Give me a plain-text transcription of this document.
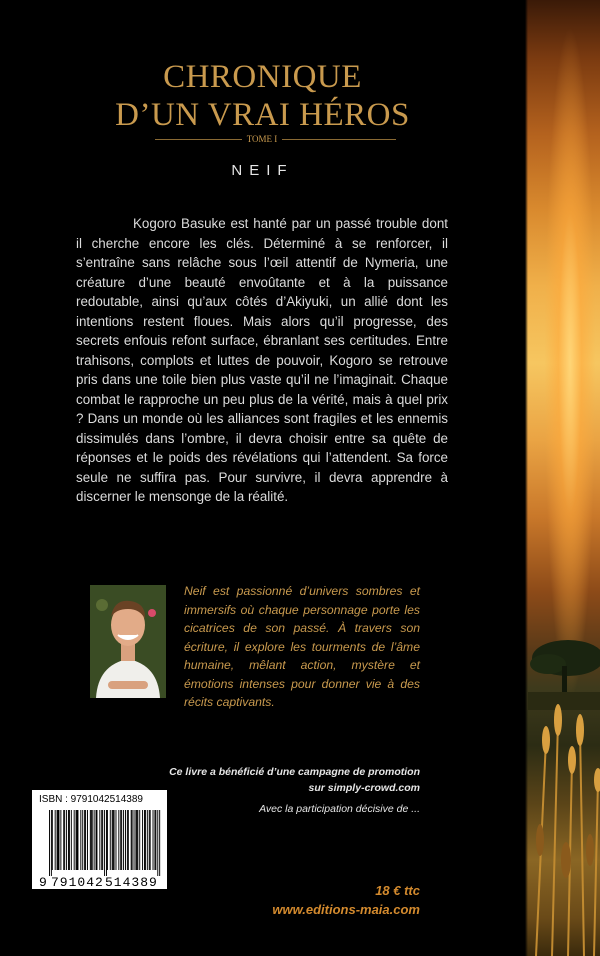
CHRONIQUE
D’UN VRAI HÉROS
TOME I
NEIF

Kogoro Basuke est hanté par un passé trouble dont il cherche encore les clés. Déterminé à se renforcer, il s’entraîne sans relâche sous l’œil attentif de Nymeria, une créature d’une beauté envoûtante et à la puissance redoutable, ainsi qu’aux côtés d’Akiyuki, un allié dont les intentions restent floues. Mais alors qu’il progresse, des secrets enfouis refont surface, ébranlant ses certitudes. Entre trahisons, complots et luttes de pouvoir, Kogoro se retrouve pris dans une toile bien plus vaste qu’il ne l’imaginait. Chaque combat le rapproche un peu plus de la vérité, mais à quel prix ? Dans un monde où les alliances sont fragiles et les ennemis dissimulés dans l’ombre, il devra choisir entre sa quête de réponses et le poids des révélations qui l’attendent. Sa force seule ne suffira pas. Pour survivre, il devra apprendre à discerner le mensonge de la réalité.

Neif est passionné d’univers sombres et immersifs où chaque personnage porte les cicatrices de son passé. À travers son écriture, il explore les tourments de l’âme humaine, mêlant action, mystère et émotions intenses pour donner vie à des récits captivants.

Ce livre a bénéficié d’une campagne de promotion
sur simply-crowd.com
Avec la participation décisive de ...
ISBN : 9791042514389
9 791042 514389
18 € ttc
www.editions-maia.com
